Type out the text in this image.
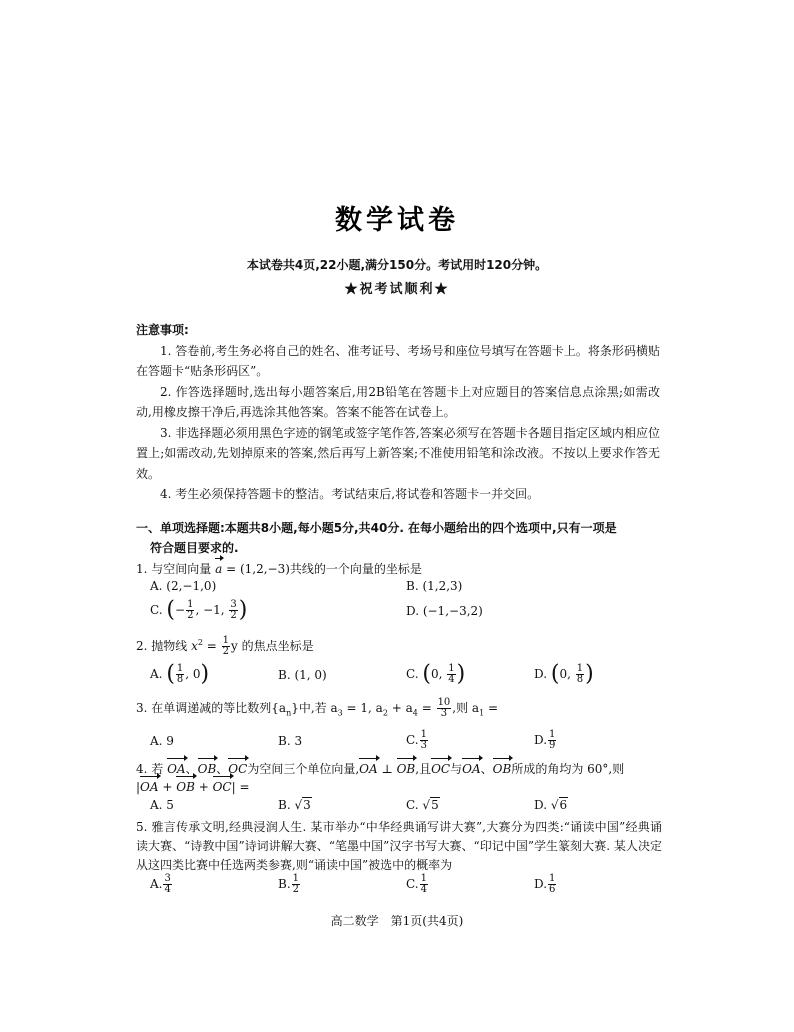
数学试卷
本试卷共4页,22小题,满分150分。考试用时120分钟。
★祝考试顺利★
注意事项:

1. 答卷前,考生务必将自己的姓名、准考证号、考场号和座位号填写在答题卡上。将条形码横贴在答题卡“贴条形码区”。

2. 作答选择题时,选出每小题答案后,用2B铅笔在答题卡上对应题目的答案信息点涂黑;如需改动,用橡皮擦干净后,再选涂其他答案。答案不能答在试卷上。

3. 非选择题必须用黑色字迹的钢笔或签字笔作答,答案必须写在答题卡各题目指定区域内相应位置上;如需改动,先划掉原来的答案,然后再写上新答案;不准使用铅笔和涂改液。不按以上要求作答无效。

4. 考生必须保持答题卡的整洁。考试结束后,将试卷和答题卡一并交回。

一、单项选择题:本题共8小题,每小题5分,共40分. 在每小题给出的四个选项中,只有一项是
符合题目要求的.
1. 与空间向量 a = (1,2,−3)共线的一个向量的坐标是
A. (2,−1,0)	B. (1,2,3)
C. (− $\frac{1}{2}$ , −1, $\frac{3}{2}$ )	D. (−1,−3,2)
2. 抛物线 $x^2 = \frac{1}{2}$ y 的焦点坐标是
A. ( $\frac{1}{8}$ , 0)	B. (1, 0)	C. (0, $\frac{1}{4}$ )	D. (0, $\frac{1}{8}$ )
3. 在单调递减的等比数列$\{a_n\}$中,若 $a_3 = 1$, $a_2 + a_4 = \frac{10}{3}$ ,则 $a_1$ =
A. 9	B. 3	C. $\frac{1}{3}$	D. $\frac{1}{9}$
4. 若 OA、OB、OC为空间三个单位向量,OA ⊥ OB,且OC与OA、OB所成的角均为 60°,则
|OA + OB + OC| =
A. 5	B. √3	C. √5	D. √6
5. 雅言传承文明,经典浸润人生. 某市举办“中华经典诵写讲大赛”,大赛分为四类:“诵读中国”经典诵读大赛、“诗教中国”诗词讲解大赛、“笔墨中国”汉字书写大赛、“印记中国”学生篆刻大赛. 某人决定从这四类比赛中任选两类参赛,则“诵读中国”被选中的概率为
A. $\frac{3}{4}$	B. $\frac{1}{2}$	C. $\frac{1}{4}$	D. $\frac{1}{6}$
高二数学　第1页(共4页)
